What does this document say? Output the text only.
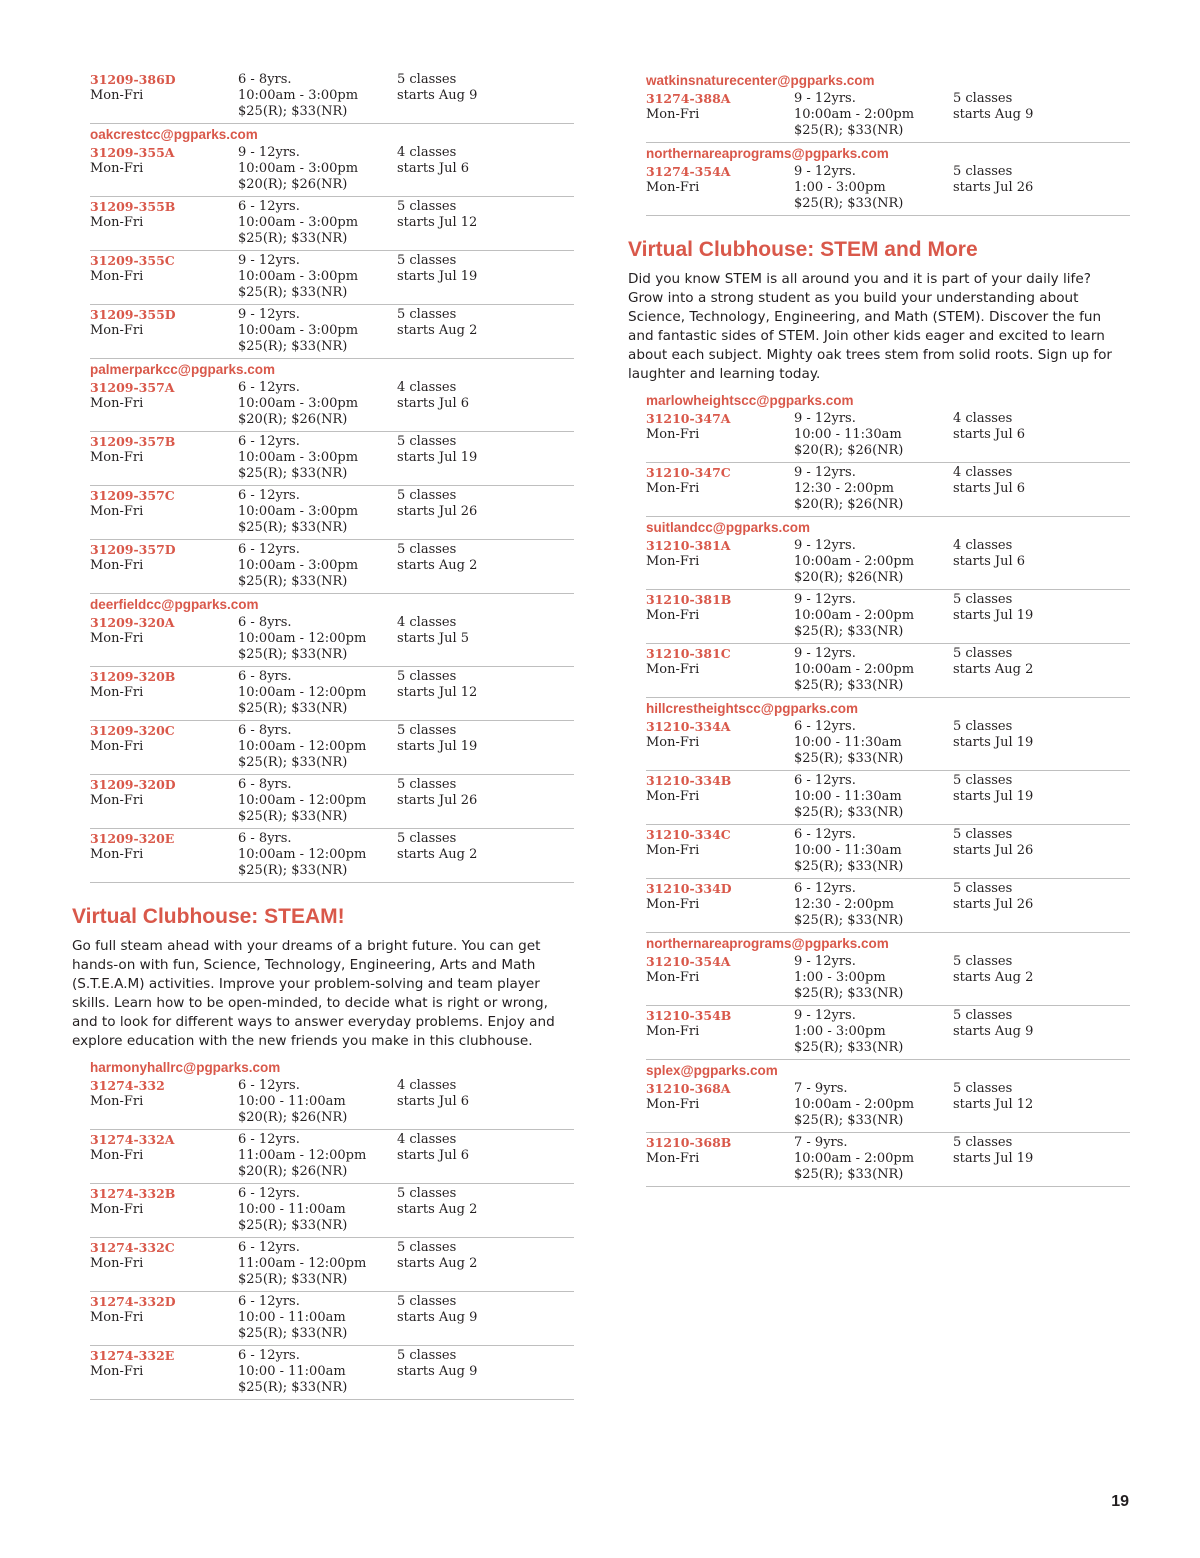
31209-386D
Mon-Fri
6 - 8yrs.
10:00am - 3:00pm
$25(R); $33(NR)
5 classes
starts Aug 9
oakcrestcc@pgparks.com
31209-355A
Mon-Fri
9 - 12yrs.
10:00am - 3:00pm
$20(R); $26(NR)
4 classes
starts Jul 6
31209-355B
Mon-Fri
6 - 12yrs.
10:00am - 3:00pm
$25(R); $33(NR)
5 classes
starts Jul 12
31209-355C
Mon-Fri
9 - 12yrs.
10:00am - 3:00pm
$25(R); $33(NR)
5 classes
starts Jul 19
31209-355D
Mon-Fri
9 - 12yrs.
10:00am - 3:00pm
$25(R); $33(NR)
5 classes
starts Aug 2
palmerparkcc@pgparks.com
31209-357A
Mon-Fri
6 - 12yrs.
10:00am - 3:00pm
$20(R); $26(NR)
4 classes
starts Jul 6
31209-357B
Mon-Fri
6 - 12yrs.
10:00am - 3:00pm
$25(R); $33(NR)
5 classes
starts Jul 19
31209-357C
Mon-Fri
6 - 12yrs.
10:00am - 3:00pm
$25(R); $33(NR)
5 classes
starts Jul 26
31209-357D
Mon-Fri
6 - 12yrs.
10:00am - 3:00pm
$25(R); $33(NR)
5 classes
starts Aug 2
deerfieldcc@pgparks.com
31209-320A
Mon-Fri
6 - 8yrs.
10:00am - 12:00pm
$25(R); $33(NR)
4 classes
starts Jul 5
31209-320B
Mon-Fri
6 - 8yrs.
10:00am - 12:00pm
$25(R); $33(NR)
5 classes
starts Jul 12
31209-320C
Mon-Fri
6 - 8yrs.
10:00am - 12:00pm
$25(R); $33(NR)
5 classes
starts Jul 19
31209-320D
Mon-Fri
6 - 8yrs.
10:00am - 12:00pm
$25(R); $33(NR)
5 classes
starts Jul 26
31209-320E
Mon-Fri
6 - 8yrs.
10:00am - 12:00pm
$25(R); $33(NR)
5 classes
starts Aug 2
Virtual Clubhouse: STEAM!

Go full steam ahead with your dreams of a bright future. You can get hands-on with fun, Science, Technology, Engineering, Arts and Math (S.T.E.A.M) activities. Improve your problem-solving and team player skills. Learn how to be open-minded, to decide what is right or wrong, and to look for different ways to answer everyday problems. Enjoy and explore education with the new friends you make in this clubhouse.

harmonyhallrc@pgparks.com
31274-332
Mon-Fri
6 - 12yrs.
10:00 - 11:00am
$20(R); $26(NR)
4 classes
starts Jul 6
31274-332A
Mon-Fri
6 - 12yrs.
11:00am - 12:00pm
$20(R); $26(NR)
4 classes
starts Jul 6
31274-332B
Mon-Fri
6 - 12yrs.
10:00 - 11:00am
$25(R); $33(NR)
5 classes
starts Aug 2
31274-332C
Mon-Fri
6 - 12yrs.
11:00am - 12:00pm
$25(R); $33(NR)
5 classes
starts Aug 2
31274-332D
Mon-Fri
6 - 12yrs.
10:00 - 11:00am
$25(R); $33(NR)
5 classes
starts Aug 9
31274-332E
Mon-Fri
6 - 12yrs.
10:00 - 11:00am
$25(R); $33(NR)
5 classes
starts Aug 9
watkinsnaturecenter@pgparks.com
31274-388A
Mon-Fri
9 - 12yrs.
10:00am - 2:00pm
$25(R); $33(NR)
5 classes
starts Aug 9
northernareaprograms@pgparks.com
31274-354A
Mon-Fri
9 - 12yrs.
1:00 - 3:00pm
$25(R); $33(NR)
5 classes
starts Jul 26
Virtual Clubhouse: STEM and More

Did you know STEM is all around you and it is part of your daily life? Grow into a strong student as you build your understanding about Science, Technology, Engineering, and Math (STEM). Discover the fun and fantastic sides of STEM. Join other kids eager and excited to learn about each subject. Mighty oak trees stem from solid roots. Sign up for laughter and learning today.

marlowheightscc@pgparks.com
31210-347A
Mon-Fri
9 - 12yrs.
10:00 - 11:30am
$20(R); $26(NR)
4 classes
starts Jul 6
31210-347C
Mon-Fri
9 - 12yrs.
12:30 - 2:00pm
$20(R); $26(NR)
4 classes
starts Jul 6
suitlandcc@pgparks.com
31210-381A
Mon-Fri
9 - 12yrs.
10:00am - 2:00pm
$20(R); $26(NR)
4 classes
starts Jul 6
31210-381B
Mon-Fri
9 - 12yrs.
10:00am - 2:00pm
$25(R); $33(NR)
5 classes
starts Jul 19
31210-381C
Mon-Fri
9 - 12yrs.
10:00am - 2:00pm
$25(R); $33(NR)
5 classes
starts Aug 2
hillcrestheightscc@pgparks.com
31210-334A
Mon-Fri
6 - 12yrs.
10:00 - 11:30am
$25(R); $33(NR)
5 classes
starts Jul 19
31210-334B
Mon-Fri
6 - 12yrs.
10:00 - 11:30am
$25(R); $33(NR)
5 classes
starts Jul 19
31210-334C
Mon-Fri
6 - 12yrs.
10:00 - 11:30am
$25(R); $33(NR)
5 classes
starts Jul 26
31210-334D
Mon-Fri
6 - 12yrs.
12:30 - 2:00pm
$25(R); $33(NR)
5 classes
starts Jul 26
northernareaprograms@pgparks.com
31210-354A
Mon-Fri
9 - 12yrs.
1:00 - 3:00pm
$25(R); $33(NR)
5 classes
starts Aug 2
31210-354B
Mon-Fri
9 - 12yrs.
1:00 - 3:00pm
$25(R); $33(NR)
5 classes
starts Aug 9
splex@pgparks.com
31210-368A
Mon-Fri
7 - 9yrs.
10:00am - 2:00pm
$25(R); $33(NR)
5 classes
starts Jul 12
31210-368B
Mon-Fri
7 - 9yrs.
10:00am - 2:00pm
$25(R); $33(NR)
5 classes
starts Jul 19
19
